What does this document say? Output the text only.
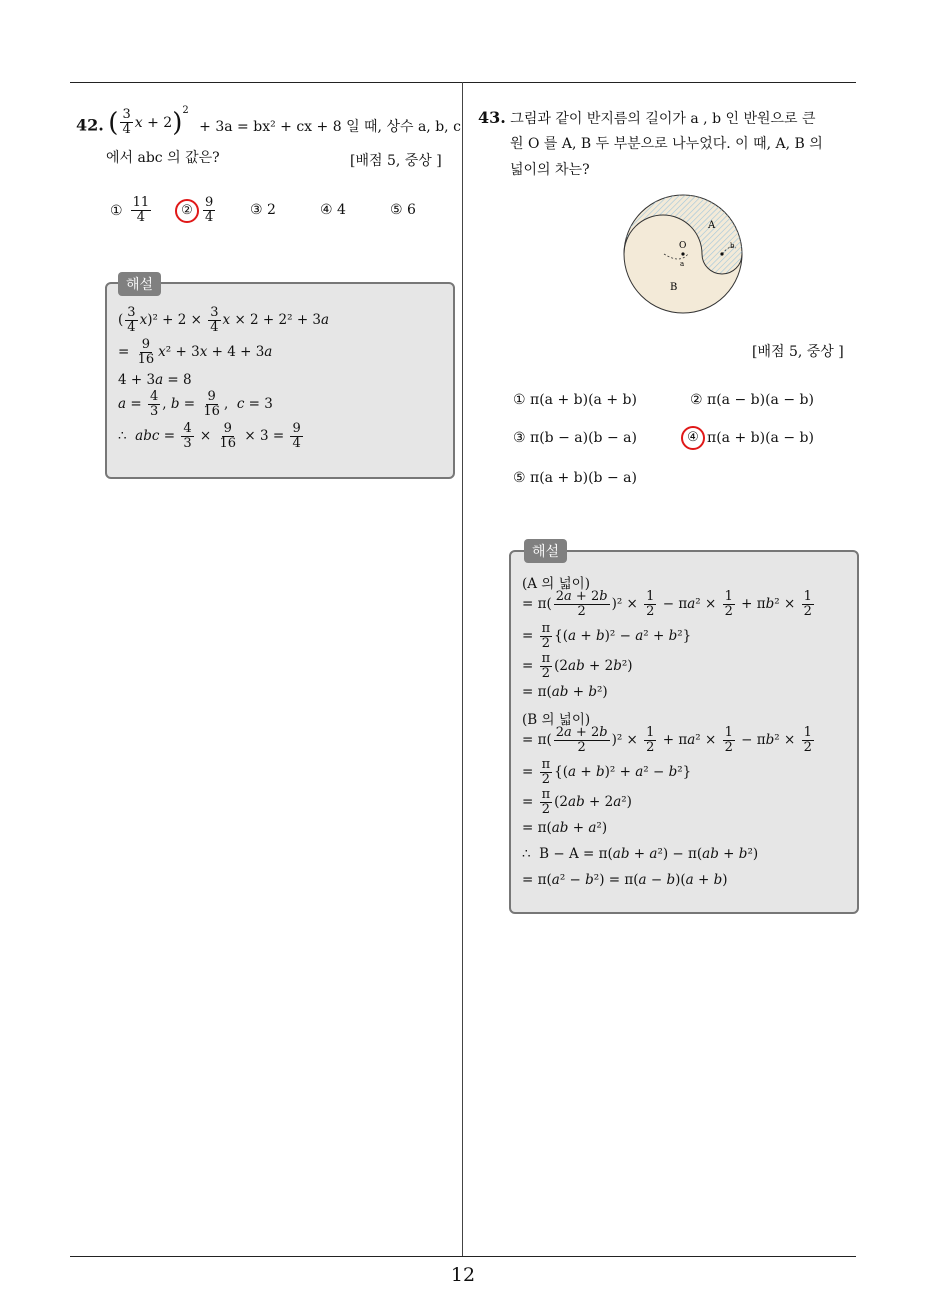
42. ( $\frac{3}{4}$ x + 2 )$^2$
+ 3a = bx² + cx + 8 일 때, 상수 a, b, c
에서 abc 의 값은?	[배점 5, 중상 ]
① $\frac{11}{4}$	② $\frac{9}{4}$ ③ 2	④ 4	⑤ 6
해설
( $\frac{3}{4} x)^2 + 2 \times \frac{3}{4}$ x × 2 + 2² + 3a
= $\frac{9}{16} x^2 + 3x + 4 + 3a$
4 + 3a = 8
$a = \frac{4}{3}$ , $b = \frac{9}{16}$ ,  c = 3
∴  abc = $\frac{4}{3} \times \frac{9}{16} \times 3 = \frac{9}{4}$
43. 그림과 같이 반지름의 길이가 a , b 인 반원으로 큰
원 O 를 A, B 두 부분으로 나누었다. 이 때, A, B 의
넓이의 차는?
A
B
O
a
b
[배점 5, 중상 ]
① π(a + b)(a + b)	② π(a − b)(a − b)
③ π(b − a)(b − a)	④ π(a + b)(a − b)
⑤ π(a + b)(b − a)
해설
(A 의 넓이)
= $\pi( \frac{2a + 2b}{2} )^2 \times \frac{1}{2} - \pi a^2 \times \frac{1}{2} + \pi b^2 \times \frac{1}{2}$
= $\frac{\pi}{2} \{(a + b)^2 - a^2 + b^2\}$
= $\frac{\pi}{2} (2ab + 2b^2)$
= π(ab + b²)
(B 의 넓이)
= $\pi( \frac{2a + 2b}{2} )^2 \times \frac{1}{2} + \pi a^2 \times \frac{1}{2} - \pi b^2 \times \frac{1}{2}$
= $\frac{\pi}{2} \{(a + b)^2 + a^2 - b^2\}$
= $\frac{\pi}{2} (2ab + 2a^2)$
= π(ab + a²)
∴  B − A = π(ab + a²) − π(ab + b²)
= π(a² − b²) = π(a − b)(a + b)
12
